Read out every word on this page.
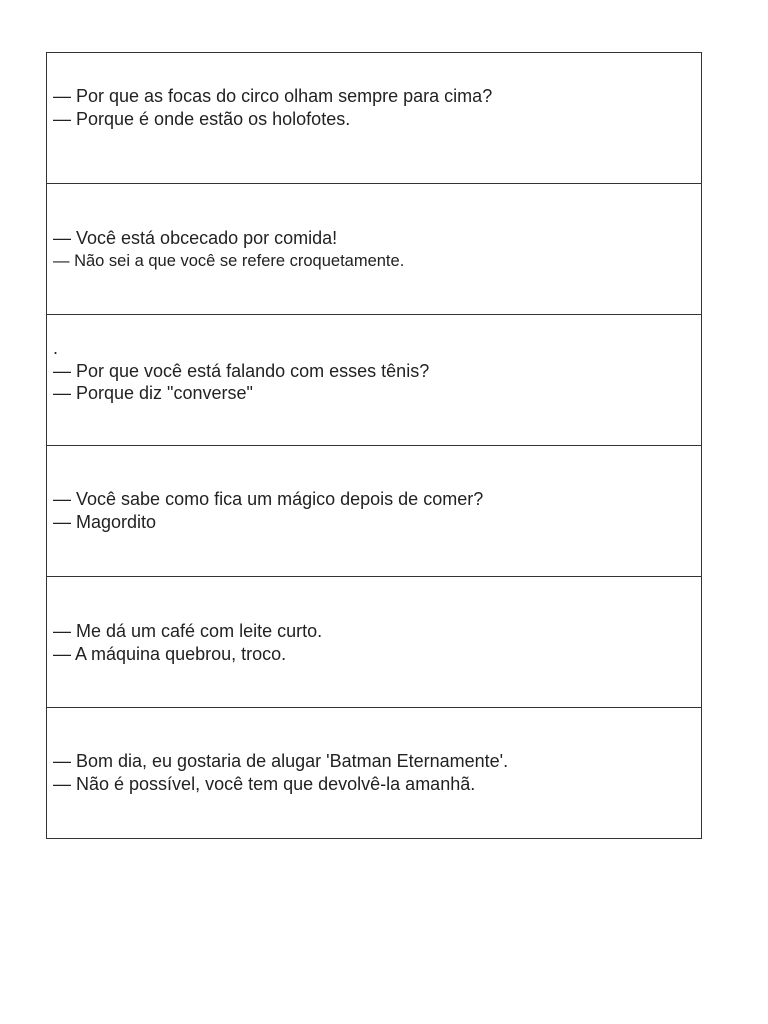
— Por que as focas do circo olham sempre para cima?
— Porque é onde estão os holofotes.
— Você está obcecado por comida!
— Não sei a que você se refere croquetamente.
.
— Por que você está falando com esses tênis?
— Porque diz "converse"
— Você sabe como fica um mágico depois de comer?
— Magordito
— Me dá um café com leite curto.
— A máquina quebrou, troco.
— Bom dia, eu gostaria de alugar 'Batman Eternamente'.
— Não é possível, você tem que devolvê-la amanhã.
